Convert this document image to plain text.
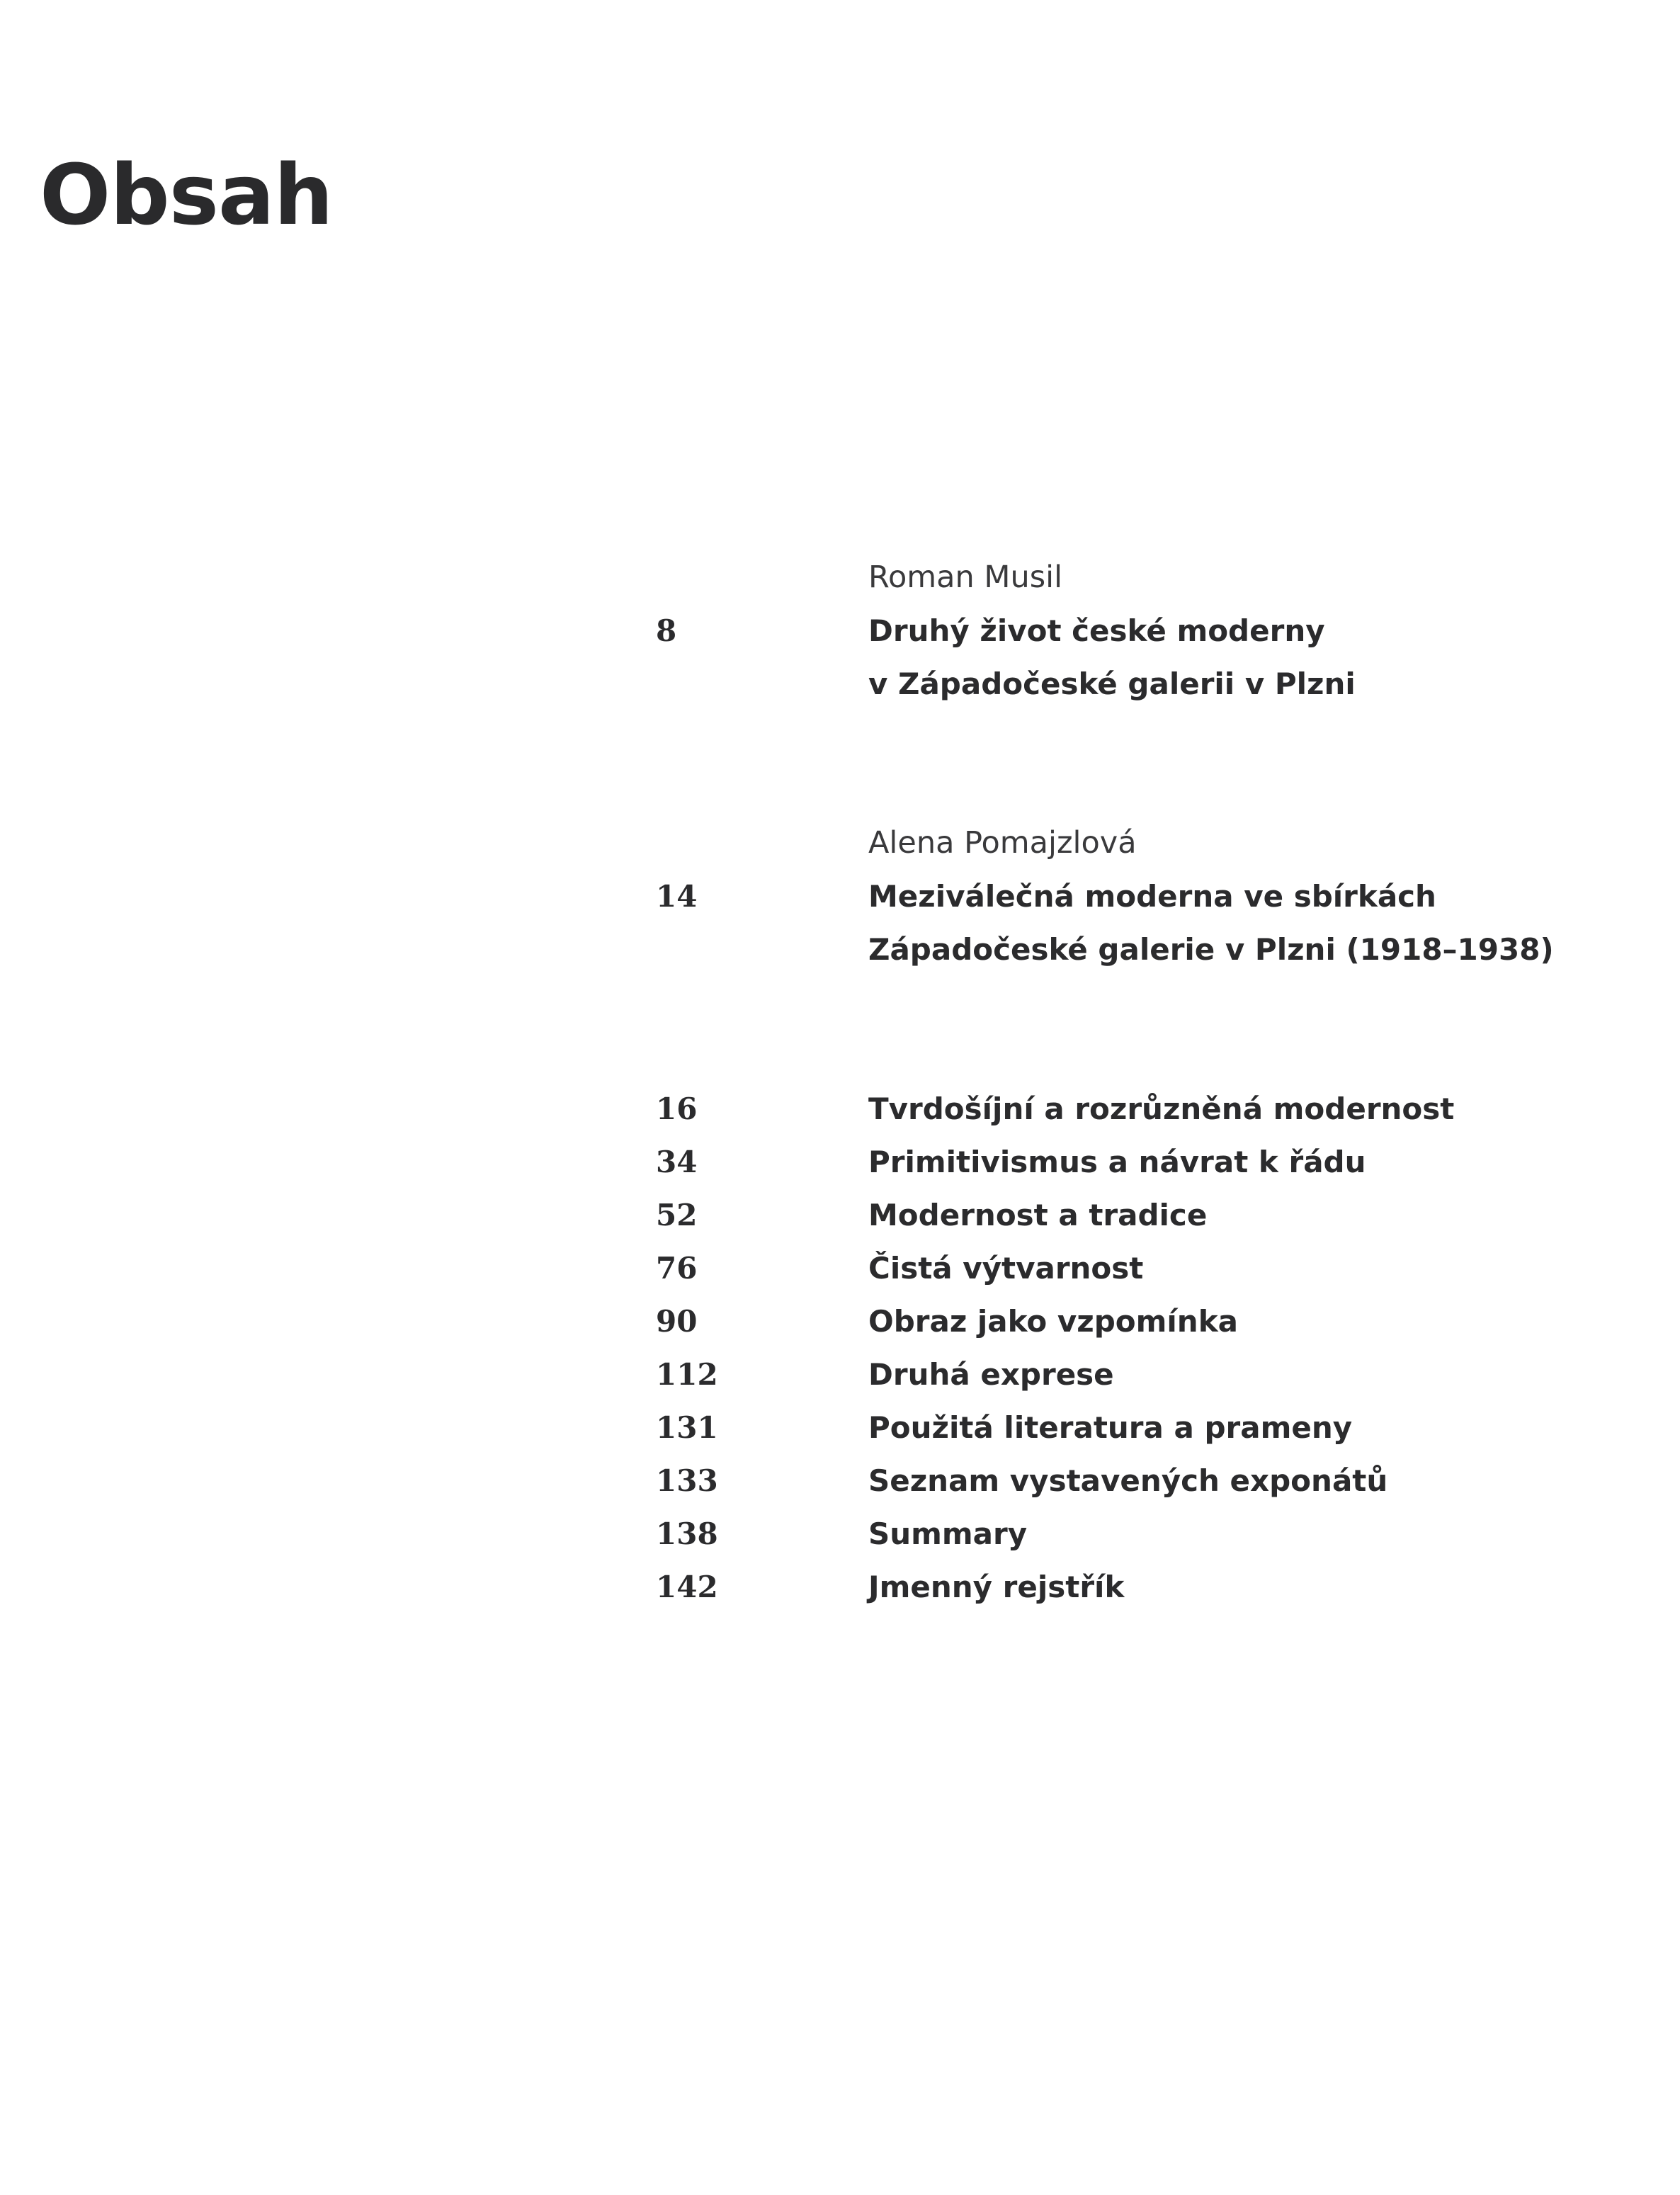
Obsah
Roman Musil
8	Druhý život české moderny
v Západočeské galerii v Plzni
Alena Pomajzlová
14	Meziválečná moderna ve sbírkách
Západočeské galerie v Plzni (1918–1938)
16	Tvrdošíjní a rozrůzněná modernost
34	Primitivismus a návrat k řádu
52	Modernost a tradice
76	Čistá výtvarnost
90	Obraz jako vzpomínka
112	Druhá exprese
131	Použitá literatura a prameny
133	Seznam vystavených exponátů
138	Summary
142	Jmenný rejstřík
